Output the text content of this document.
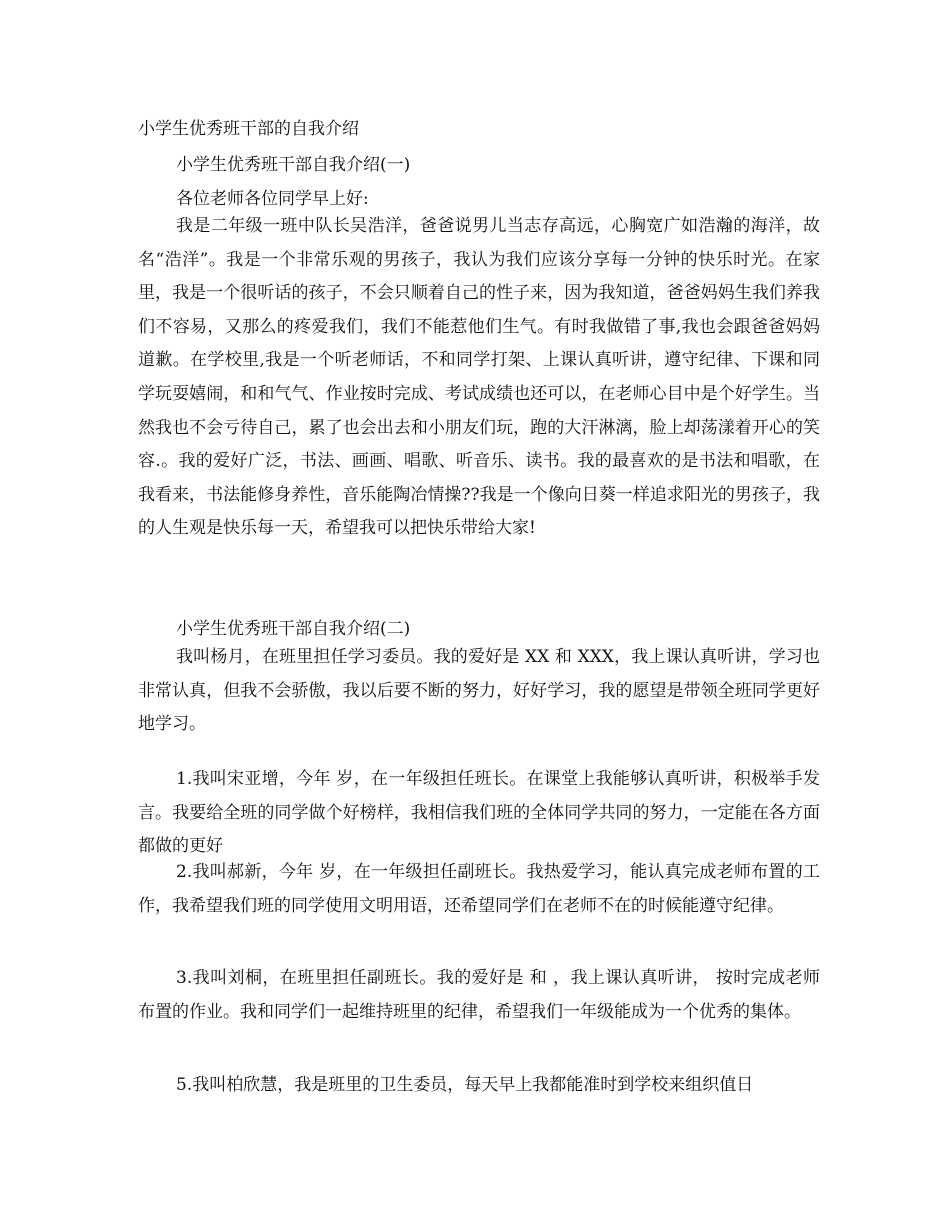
小学生优秀班干部的自我介绍
小学生优秀班干部自我介绍(一)
各位老师各位同学早上好:

我是二年级一班中队长吴浩洋，爸爸说男儿当志存高远，心胸宽广如浩瀚的海洋，故名“浩洋”。我是一个非常乐观的男孩子，我认为我们应该分享每一分钟的快乐时光。在家里，我是一个很听话的孩子，不会只顺着自己的性子来，因为我知道，爸爸妈妈生我们养我们不容易，又那么的疼爱我们，我们不能惹他们生气。有时我做错了事,我也会跟爸爸妈妈道歉。在学校里,我是一个听老师话，不和同学打架、上课认真听讲，遵守纪律、下课和同学玩耍嬉闹，和和气气、作业按时完成、考试成绩也还可以，在老师心目中是个好学生。当然我也不会亏待自己，累了也会出去和小朋友们玩，跑的大汗淋漓，脸上却荡漾着开心的笑容.。我的爱好广泛，书法、画画、唱歌、听音乐、读书。我的最喜欢的是书法和唱歌，在我看来，书法能修身养性，音乐能陶冶情操??我是一个像向日葵一样追求阳光的男孩子，我的人生观是快乐每一天，希望我可以把快乐带给大家!

小学生优秀班干部自我介绍(二)

我叫杨月，在班里担任学习委员。我的爱好是 XX 和 XXX，我上课认真听讲，学习也非常认真，但我不会骄傲，我以后要不断的努力，好好学习，我的愿望是带领全班同学更好地学习。

1.我叫宋亚增，今年 岁，在一年级担任班长。在课堂上我能够认真听讲，积极举手发言。我要给全班的同学做个好榜样，我相信我们班的全体同学共同的努力，一定能在各方面都做的更好

2.我叫郝新，今年 岁，在一年级担任副班长。我热爱学习，能认真完成老师布置的工作，我希望我们班的同学使用文明用语，还希望同学们在老师不在的时候能遵守纪律。

3.我叫刘桐，在班里担任副班长。我的爱好是 和 ，我上课认真听讲， 按时完成老师布置的作业。我和同学们一起维持班里的纪律，希望我们一年级能成为一个优秀的集体。

5.我叫柏欣慧，我是班里的卫生委员，每天早上我都能准时到学校来组织值日
